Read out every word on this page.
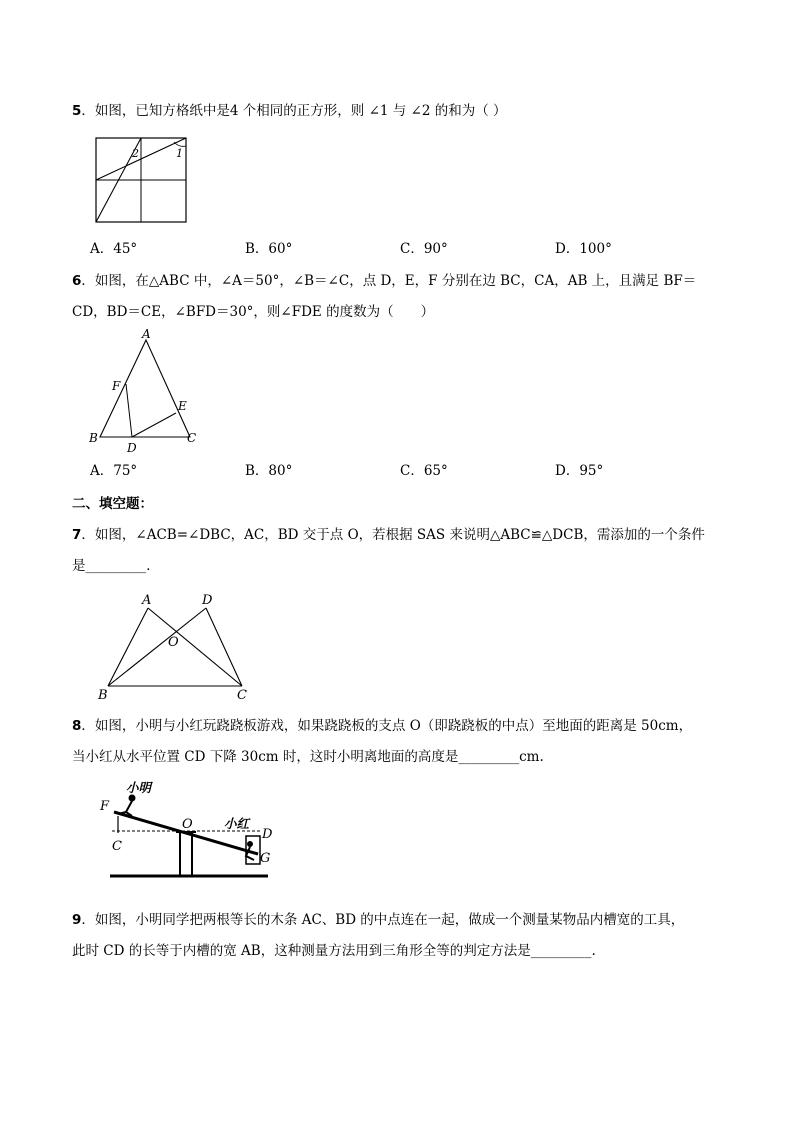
5．如图，已知方格纸中是4 个相同的正方形，则 ∠1 与 ∠2 的和为（ ）
1
2
A．45°	B．60°	C．90°	D．100°
6．如图，在△ABC 中，∠A＝50°，∠B＝∠C，点 D，E，F 分别在边 BC，CA，AB 上，且满足 BF＝
CD，BD＝CE，∠BFD＝30°，则∠FDE 的度数为（　　）
A
B	C
D
E
F
A．75°	B．80°	C．65°	D．95°
二、填空题：
7．如图，∠ACB=∠DBC，AC，BD 交于点 O，若根据 SAS 来说明△ABC≌△DCB，需添加的一个条件
是_________．
A	D
O
B	C
8．如图，小明与小红玩跷跷板游戏，如果跷跷板的支点 O（即跷跷板的中点）至地面的距离是 50cm，
当小红从水平位置 CD 下降 30cm 时，这时小明离地面的高度是_________cm.
小明
小红
F
C
O
D
G
9．如图，小明同学把两根等长的木条 AC、BD 的中点连在一起，做成一个测量某物品内槽宽的工具，
此时 CD 的长等于内槽的宽 AB，这种测量方法用到三角形全等的判定方法是_________.
